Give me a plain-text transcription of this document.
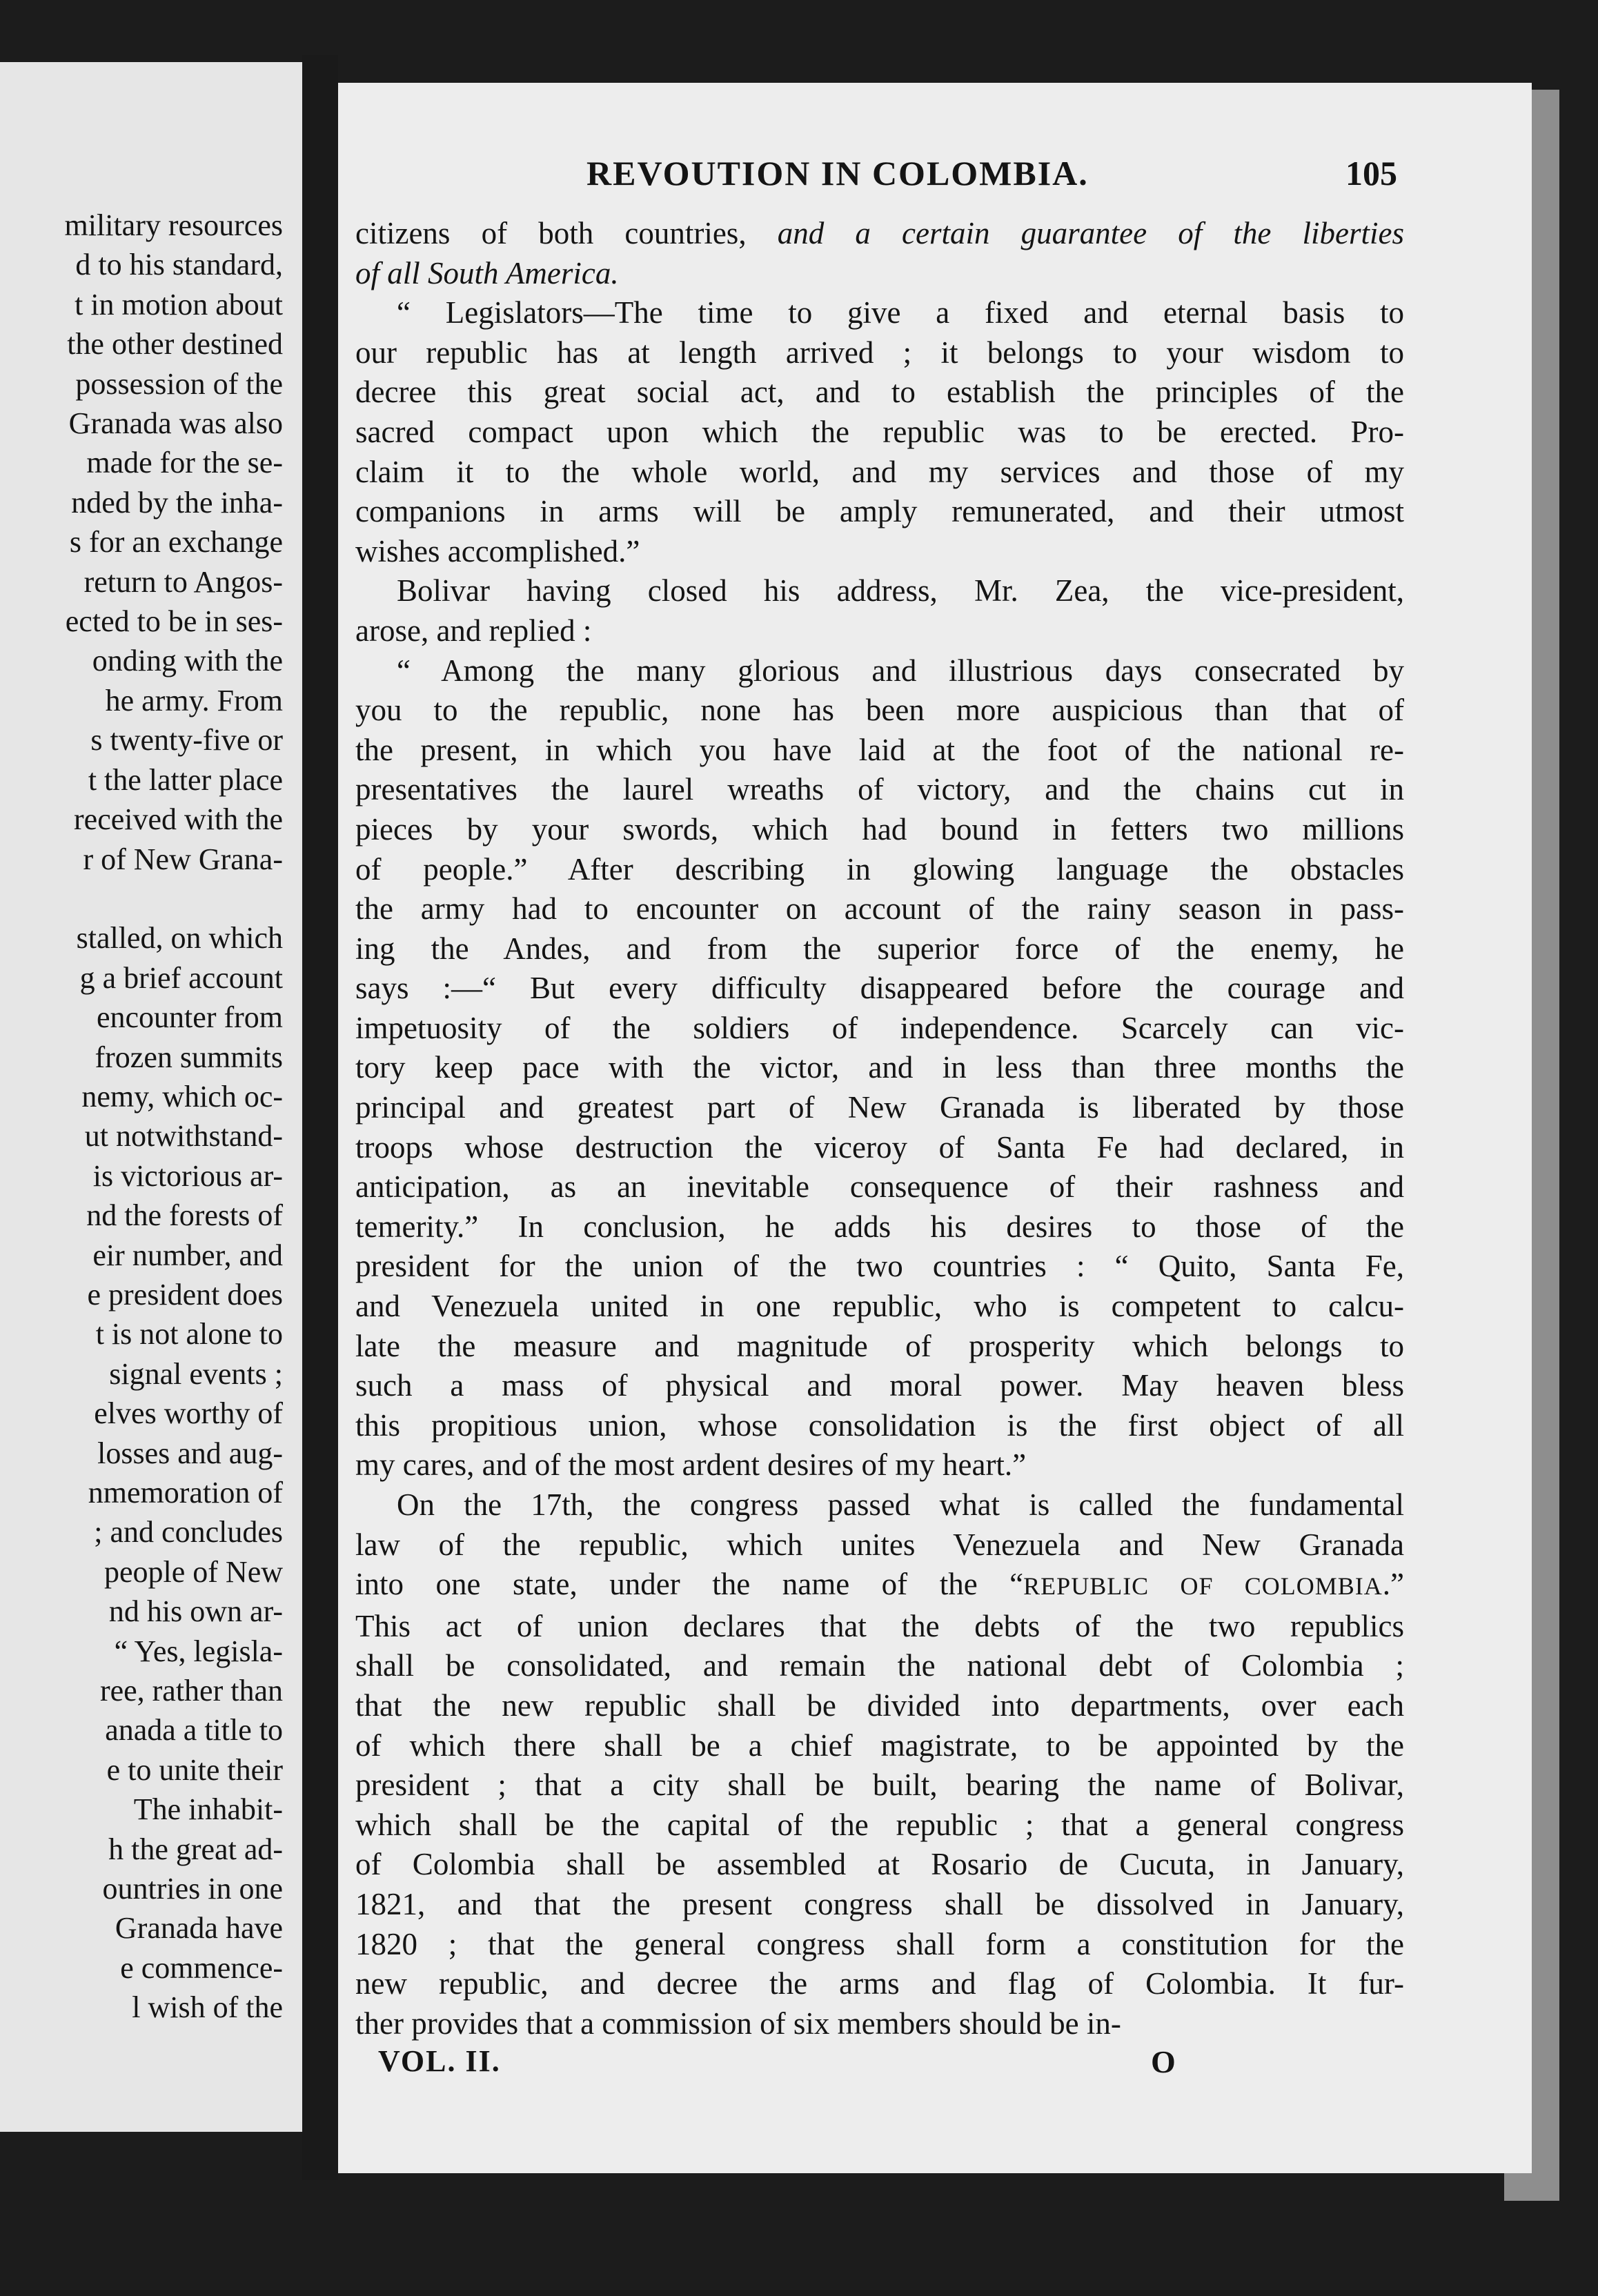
military resources
d to his standard,
t in motion about
the other destined
possession of the
Granada was also
made for the se-
nded by the inha-
s for an exchange
return to Angos-
ected to be in ses-
onding with the
he army. From
s twenty-five or
t the latter place
received with the
r of New Grana-

stalled, on which
g a brief account
encounter from
frozen summits
nemy, which oc-
ut notwithstand-
is victorious ar-
nd the forests of
eir number, and
e president does
t is not alone to
signal events ;
elves worthy of
losses and aug-
nmemoration of
; and concludes
people of New
nd his own ar-
“ Yes, legisla-
ree, rather than
anada a title to
e to unite their
The inhabit-
h the great ad-
ountries in one
Granada have
e commence-
l wish of the
REVOUTION IN COLOMBIA.	105
citizens of both countries, and a certain guarantee of the liberties
of all South America.
“ Legislators—The time to give a fixed and eternal basis to
our republic has at length arrived ; it belongs to your wisdom to
decree this great social act, and to establish the principles of the
sacred compact upon which the republic was to be erected. Pro-
claim it to the whole world, and my services and those of my
companions in arms will be amply remunerated, and their utmost
wishes accomplished.”
Bolivar having closed his address, Mr. Zea, the vice-president,
arose, and replied :
“ Among the many glorious and illustrious days consecrated by
you to the republic, none has been more auspicious than that of
the present, in which you have laid at the foot of the national re-
presentatives the laurel wreaths of victory, and the chains cut in
pieces by your swords, which had bound in fetters two millions
of people.” After describing in glowing language the obstacles
the army had to encounter on account of the rainy season in pass-
ing the Andes, and from the superior force of the enemy, he
says :—“ But every difficulty disappeared before the courage and
impetuosity of the soldiers of independence. Scarcely can vic-
tory keep pace with the victor, and in less than three months the
principal and greatest part of New Granada is liberated by those
troops whose destruction the viceroy of Santa Fe had declared, in
anticipation, as an inevitable consequence of their rashness and
temerity.” In conclusion, he adds his desires to those of the
president for the union of the two countries : “ Quito, Santa Fe,
and Venezuela united in one republic, who is competent to calcu-
late the measure and magnitude of prosperity which belongs to
such a mass of physical and moral power. May heaven bless
this propitious union, whose consolidation is the first object of all
my cares, and of the most ardent desires of my heart.”
On the 17th, the congress passed what is called the fundamental
law of the republic, which unites Venezuela and New Granada
into one state, under the name of the “REPUBLIC OF COLOMBIA.”
This act of union declares that the debts of the two republics
shall be consolidated, and remain the national debt of Colombia ;
that the new republic shall be divided into departments, over each
of which there shall be a chief magistrate, to be appointed by the
president ; that a city shall be built, bearing the name of Bolivar,
which shall be the capital of the republic ; that a general congress
of Colombia shall be assembled at Rosario de Cucuta, in January,
1821, and that the present congress shall be dissolved in January,
1820 ; that the general congress shall form a constitution for the
new republic, and decree the arms and flag of Colombia. It fur-
ther provides that a commission of six members should be in-
VOL. II.	O
